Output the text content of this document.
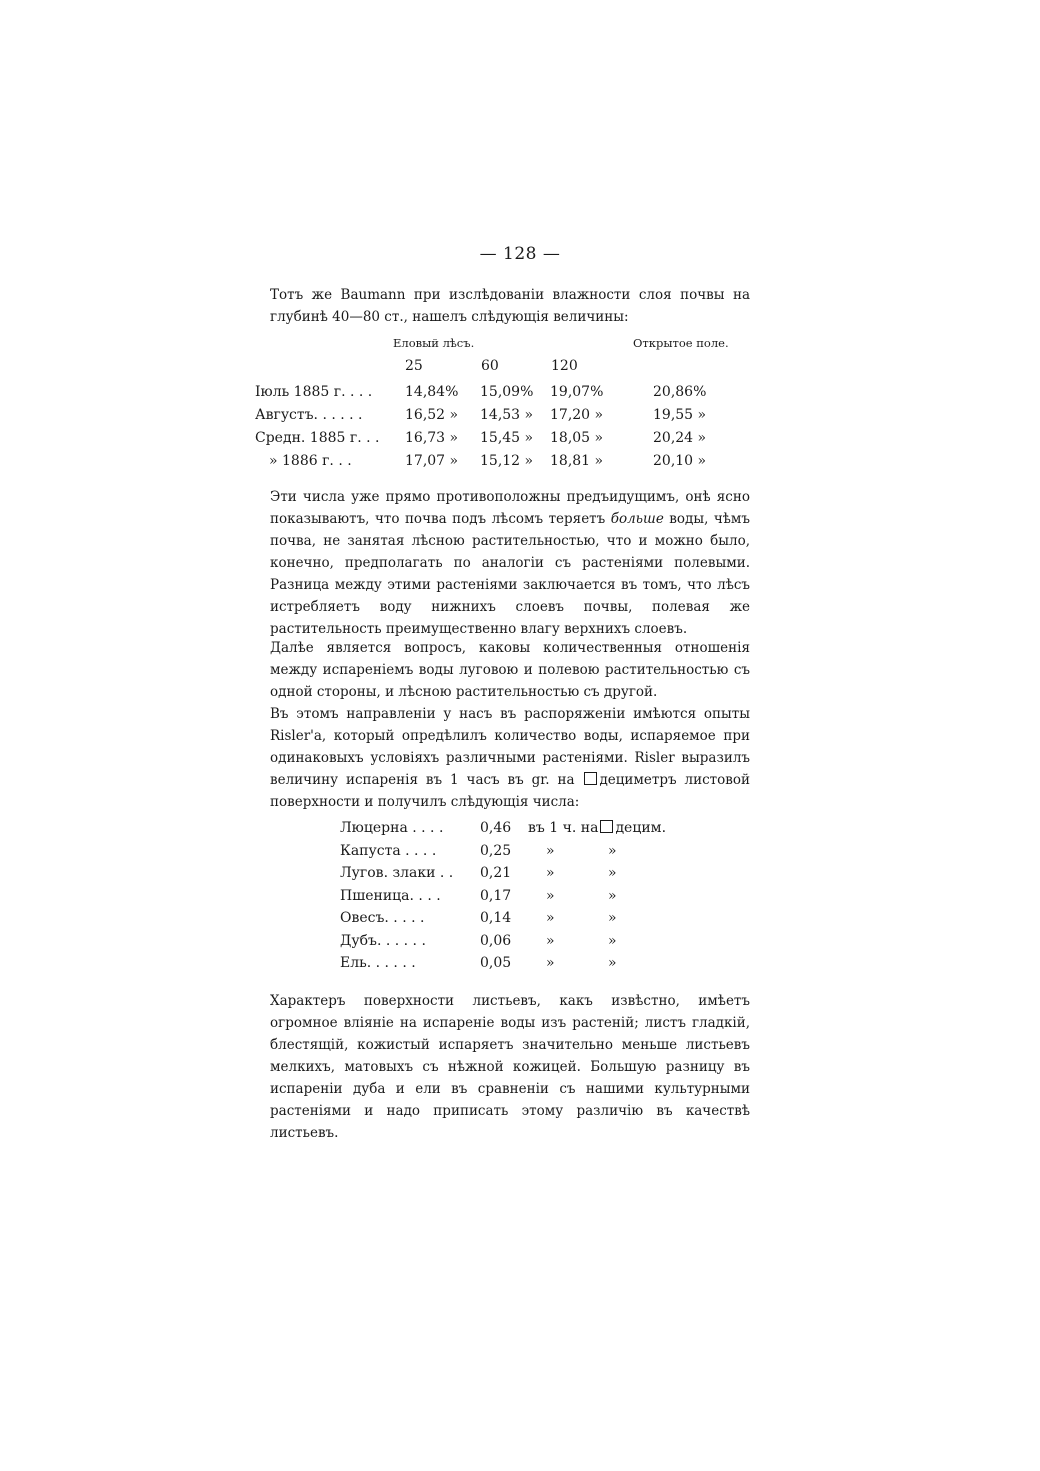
— 128 —

Тотъ же Baumann при изслѣдованіи влажности слоя почвы на глубинѣ 40—80 ст., нашелъ слѣдующія величины:

Еловый лѣсъ.	Открытое поле.
25	60	120
Іюль 1885 г. . . . 14,84% 15,09% 19,07%	20,86%
Августъ. . . . . .	16,52 » 14,53 » 17,20 »	19,55 »
Средн. 1885 г. . . 16,73 » 15,45 » 18,05 »	20,24 »
» 1886 г. . .	17,07 » 15,12 » 18,81 »	20,10 »

Эти числа уже прямо противоположны предъидущимъ, онѣ ясно показываютъ, что почва подъ лѣсомъ теряетъ больше воды, чѣмъ почва, не занятая лѣсною растительностью, что и можно было, конечно, предполагать по аналогіи съ растеніями полевыми. Разница между этими растеніями заключается въ томъ, что лѣсъ истребляетъ воду нижнихъ слоевъ почвы, полевая же растительность преимущественно влагу верхнихъ слоевъ.

Далѣе является вопросъ, каковы количественныя отношенія между испареніемъ воды луговою и полевою растительностью съ одной стороны, и лѣсною растительностью съ другой.

Въ этомъ направленіи у насъ въ распоряженіи имѣются опыты Risler'а, который опредѣлилъ количество воды, испаряемое при одинаковыхъ условіяхъ различными растеніями. Risler выразилъ величину испаренія въ 1 часъ въ gr. на дециметръ листовой поверхности и получилъ слѣдующія числа:

Люцерна . . . .	0,46 въ 1 ч. на децим.
Капуста . . . .	0,25 »	»
Лугов. злаки . . 0,21 »	»
Пшеница. . . .	0,17 »	»
Овесъ. . . . .	0,14 »	»
Дубъ. . . . . .	0,06 »	»
Ель. . . . . .	0,05 »	»

Характеръ поверхности листьевъ, какъ извѣстно, имѣетъ огромное вліяніе на испареніе воды изъ растеній; листъ гладкій, блестящій, кожистый испаряетъ значительно меньше листьевъ мелкихъ, матовыхъ съ нѣжной кожицей. Большую разницу въ испареніи дуба и ели въ сравненіи съ нашими культурными растеніями и надо приписать этому различію въ качествѣ листьевъ.
